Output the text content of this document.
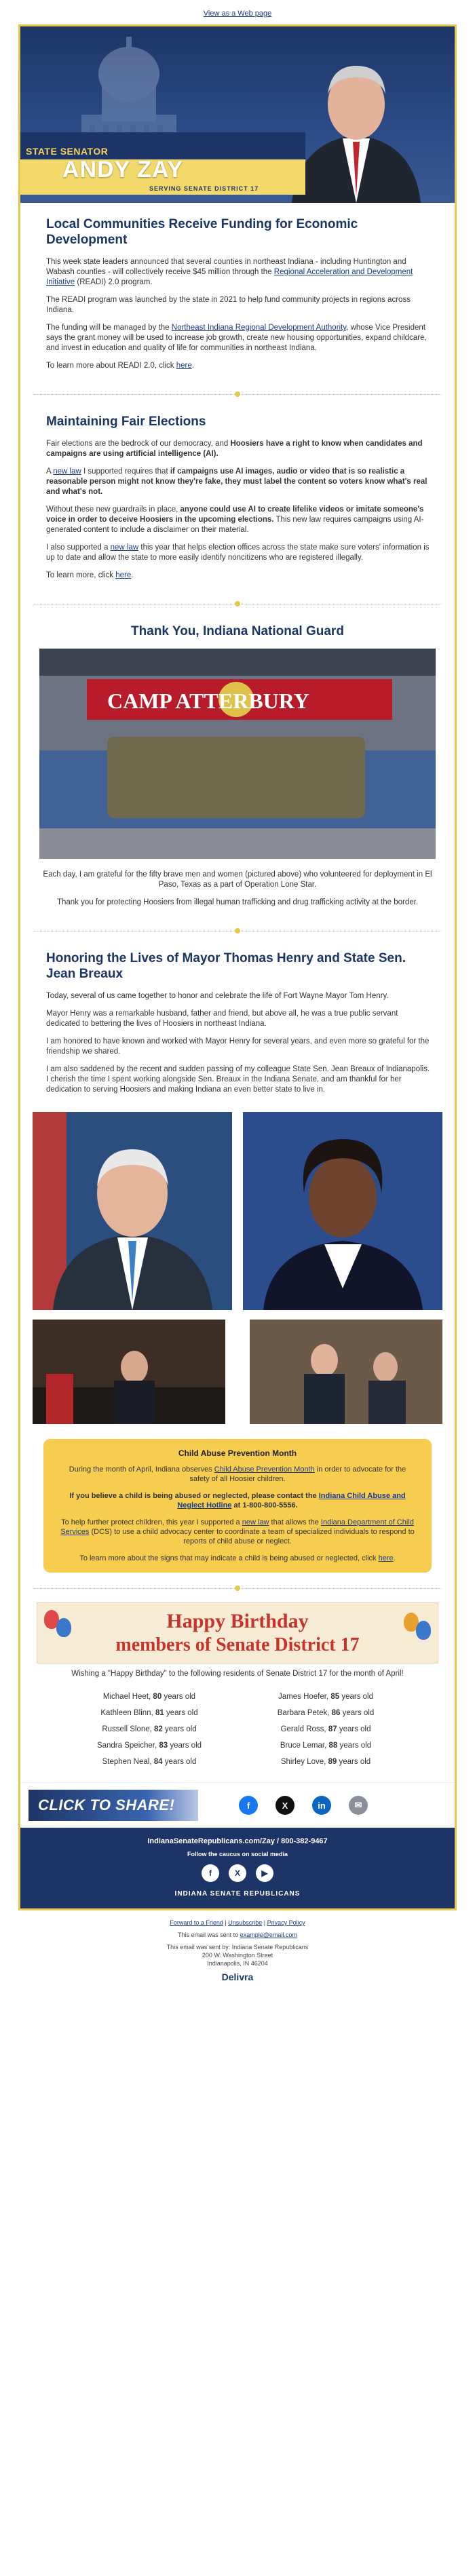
View as a Web page
STATE SENATOR
ANDY ZAY
SERVING SENATE DISTRICT 17
Local Communities Receive Funding for Economic Development

This week state leaders announced that several counties in northeast Indiana - including Huntington and Wabash counties - will collectively receive $45 million through the Regional Acceleration and Development Initiative (READI) 2.0 program.

The READI program was launched by the state in 2021 to help fund community projects in regions across Indiana.

The funding will be managed by the Northeast Indiana Regional Development Authority, whose Vice President says the grant money will be used to increase job growth, create new housing opportunities, expand childcare, and invest in education and quality of life for communities in northeast Indiana.

To learn more about READI 2.0, click here.

Maintaining Fair Elections

Fair elections are the bedrock of our democracy, and Hoosiers have a right to know when candidates and campaigns are using artificial intelligence (AI).

A new law I supported requires that if campaigns use AI images, audio or video that is so realistic a reasonable person might not know they're fake, they must label the content so voters know what's real and what's not.

Without these new guardrails in place, anyone could use AI to create lifelike videos or imitate someone's voice in order to deceive Hoosiers in the upcoming elections. This new law requires campaigns using AI-generated content to include a disclaimer on their material.

I also supported a new law this year that helps election offices across the state make sure voters' information is up to date and allow the state to more easily identify noncitizens who are registered illegally.

To learn more, click here.

Thank You, Indiana National Guard
CAMP ATTERBURY

Each day, I am grateful for the fifty brave men and women (pictured above) who volunteered for deployment in El Paso, Texas as a part of Operation Lone Star.

Thank you for protecting Hoosiers from illegal human trafficking and drug trafficking activity at the border.

Honoring the Lives of Mayor Thomas Henry and State Sen. Jean Breaux

Today, several of us came together to honor and celebrate the life of Fort Wayne Mayor Tom Henry.

Mayor Henry was a remarkable husband, father and friend, but above all, he was a true public servant dedicated to bettering the lives of Hoosiers in northeast Indiana.

I am honored to have known and worked with Mayor Henry for several years, and even more so grateful for the friendship we shared.

I am also saddened by the recent and sudden passing of my colleague State Sen. Jean Breaux of Indianapolis. I cherish the time I spent working alongside Sen. Breaux in the Indiana Senate, and am thankful for her dedication to serving Hoosiers and making Indiana an even better state to live in.

Child Abuse Prevention Month

During the month of April, Indiana observes Child Abuse Prevention Month in order to advocate for the safety of all Hoosier children.

If you believe a child is being abused or neglected, please contact the Indiana Child Abuse and Neglect Hotline at 1-800-800-5556.

To help further protect children, this year I supported a new law that allows the Indiana Department of Child Services (DCS) to use a child advocacy center to coordinate a team of specialized individuals to respond to reports of child abuse or neglect.

To learn more about the signs that may indicate a child is being abused or neglected, click here.

Happy Birthday
members of Senate District 17

Wishing a "Happy Birthday" to the following residents of Senate District 17 for the month of April!

Michael Heet, 80 years old	James Hoefer, 85 years old
Kathleen Blinn, 81 years old	Barbara Petek, 86 years old
Russell Slone, 82 years old	Gerald Ross, 87 years old
Sandra Speicher, 83 years old	Bruce Lemar, 88 years old
Stephen Neal, 84 years old	Shirley Love, 89 years old
CLICK TO SHARE!	f	X	in	✉
IndianaSenateRepublicans.com/Zay / 800-382-9467
Follow the caucus on social media
f	X	▶
INDIANA SENATE REPUBLICANS
Forward to a Friend | Unsubscribe | Privacy Policy
This email was sent to example@email.com
This email was sent by: Indiana Senate Republicans
200 W. Washington Street
Indianapolis, IN 46204
Delivra
